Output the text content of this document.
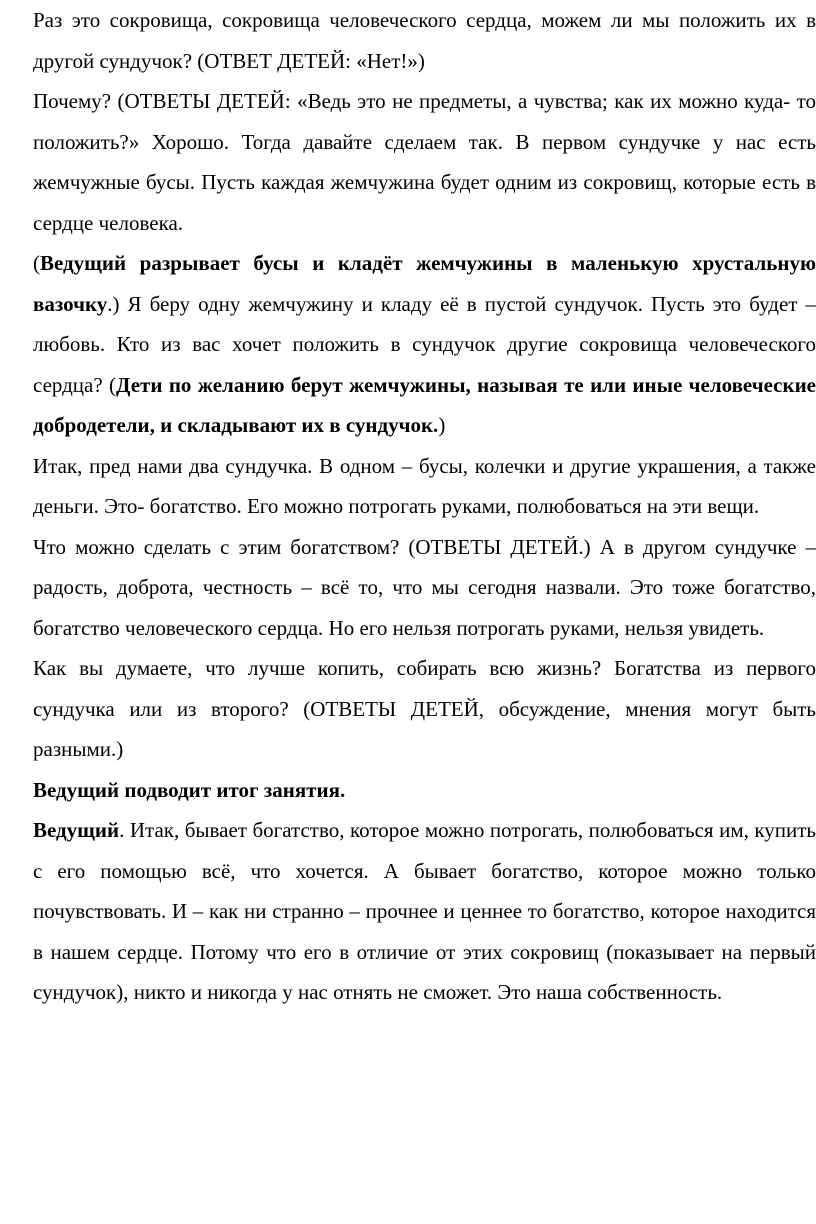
Раз это сокровища, сокровища человеческого сердца, можем ли мы положить их в другой сундучок? (ОТВЕТ ДЕТЕЙ: «Нет!»)

Почему? (ОТВЕТЫ ДЕТЕЙ: «Ведь это не предметы, а чувства; как их можно куда- то положить?» Хорошо. Тогда давайте сделаем так. В первом сундучке у нас есть жемчужные бусы. Пусть каждая жемчужина будет одним из сокровищ, которые есть в сердце человека.

(Ведущий разрывает бусы и кладёт жемчужины в маленькую хрустальную вазочку.) Я беру одну жемчужину и кладу её в пустой сундучок. Пусть это будет – любовь. Кто из вас хочет положить в сундучок другие сокровища человеческого сердца? (Дети по желанию берут жемчужины, называя те или иные человеческие добродетели, и складывают их в сундучок.)

Итак, пред нами два сундучка. В одном – бусы, колечки и другие украшения, а также деньги. Это- богатство. Его можно потрогать руками, полюбоваться на эти вещи.

Что можно сделать с этим богатством? (ОТВЕТЫ ДЕТЕЙ.) А в другом сундучке – радость, доброта, честность – всё то, что мы сегодня назвали. Это тоже богатство, богатство человеческого сердца. Но его нельзя потрогать руками, нельзя увидеть.

Как вы думаете, что лучше копить, собирать всю жизнь? Богатства из первого сундучка или из второго? (ОТВЕТЫ ДЕТЕЙ, обсуждение, мнения могут быть разными.)

Ведущий подводит итог занятия.

Ведущий. Итак, бывает богатство, которое можно потрогать, полюбоваться им, купить с его помощью всё, что хочется. А бывает богатство, которое можно только почувствовать. И – как ни странно – прочнее и ценнее то богатство, которое находится в нашем сердце. Потому что его в отличие от этих сокровищ (показывает на первый сундучок), никто и никогда у нас отнять не сможет. Это наша собственность.
